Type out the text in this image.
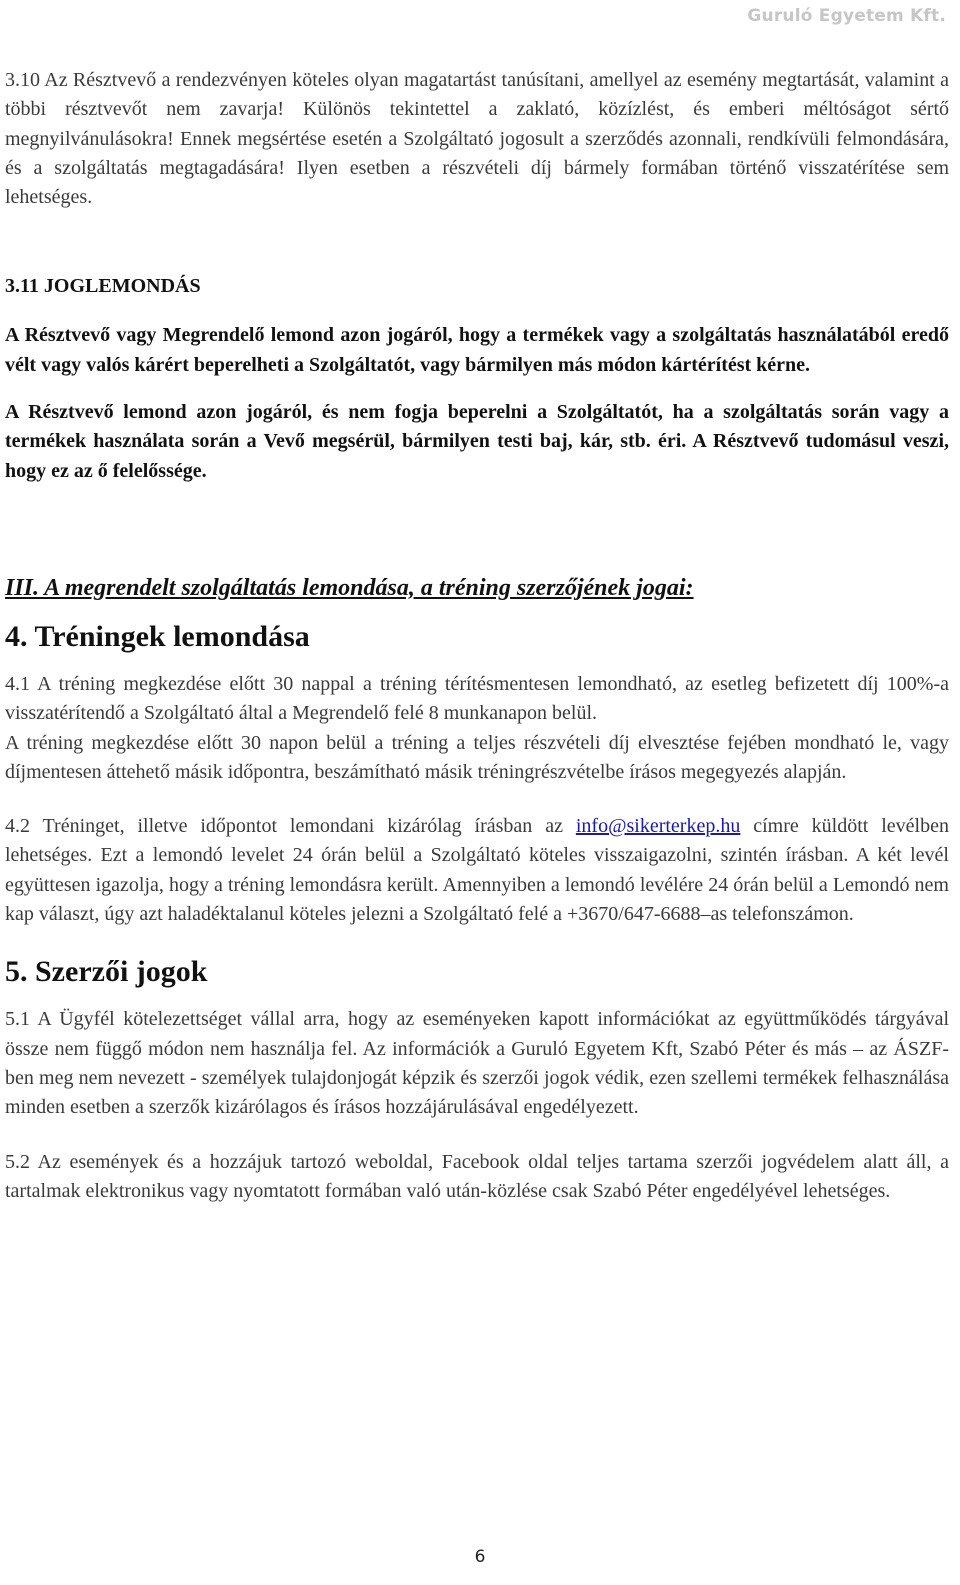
Guruló Egyetem Kft.

3.10 Az Résztvevő a rendezvényen köteles olyan magatartást tanúsítani, amellyel az esemény megtartását, valamint a többi résztvevőt nem zavarja! Különös tekintettel a zaklató, közízlést, és emberi méltóságot sértő megnyilvánulásokra! Ennek megsértése esetén a Szolgáltató jogosult a szerződés azonnali, rendkívüli felmondására, és a szolgáltatás megtagadására! Ilyen esetben a részvételi díj bármely formában történő visszatérítése sem lehetséges.

3.11 JOGLEMONDÁS

A Résztvevő vagy Megrendelő lemond azon jogáról, hogy a termékek vagy a szolgáltatás használatából eredő vélt vagy valós kárért beperelheti a Szolgáltatót, vagy bármilyen más módon kártérítést kérne.

A Résztvevő lemond azon jogáról, és nem fogja beperelni a Szolgáltatót, ha a szolgáltatás során vagy a termékek használata során a Vevő megsérül, bármilyen testi baj, kár, stb. éri. A Résztvevő tudomásul veszi, hogy ez az ő felelőssége.

III. A megrendelt szolgáltatás lemondása, a tréning szerzőjének jogai:
4. Tréningek lemondása

4.1 A tréning megkezdése előtt 30 nappal a tréning térítésmentesen lemondható, az esetleg befizetett díj 100%-a visszatérítendő a Szolgáltató által a Megrendelő felé 8 munkanapon belül.

A tréning megkezdése előtt 30 napon belül a tréning a teljes részvételi díj elvesztése fejében mondható le, vagy díjmentesen áttehető másik időpontra, beszámítható másik tréningrészvételbe írásos megegyezés alapján.

4.2 Tréninget, illetve időpontot lemondani kizárólag írásban az info@sikerterkep.hu címre küldött levélben lehetséges. Ezt a lemondó levelet 24 órán belül a Szolgáltató köteles visszaigazolni, szintén írásban. A két levél együttesen igazolja, hogy a tréning lemondásra került. Amennyiben a lemondó levélére 24 órán belül a Lemondó nem kap választ, úgy azt haladéktalanul köteles jelezni a Szolgáltató felé a +3670/647-6688–as telefonszámon.

5. Szerzői jogok

5.1 A Ügyfél kötelezettséget vállal arra, hogy az eseményeken kapott információkat az együttműködés tárgyával össze nem függő módon nem használja fel. Az információk a Guruló Egyetem Kft, Szabó Péter és más – az ÁSZF-ben meg nem nevezett - személyek tulajdonjogát képzik és szerzői jogok védik, ezen szellemi termékek felhasználása minden esetben a szerzők kizárólagos és írásos hozzájárulásával engedélyezett.

5.2 Az események és a hozzájuk tartozó weboldal, Facebook oldal teljes tartama szerzői jogvédelem alatt áll, a tartalmak elektronikus vagy nyomtatott formában való után-közlése csak Szabó Péter engedélyével lehetséges.

6
